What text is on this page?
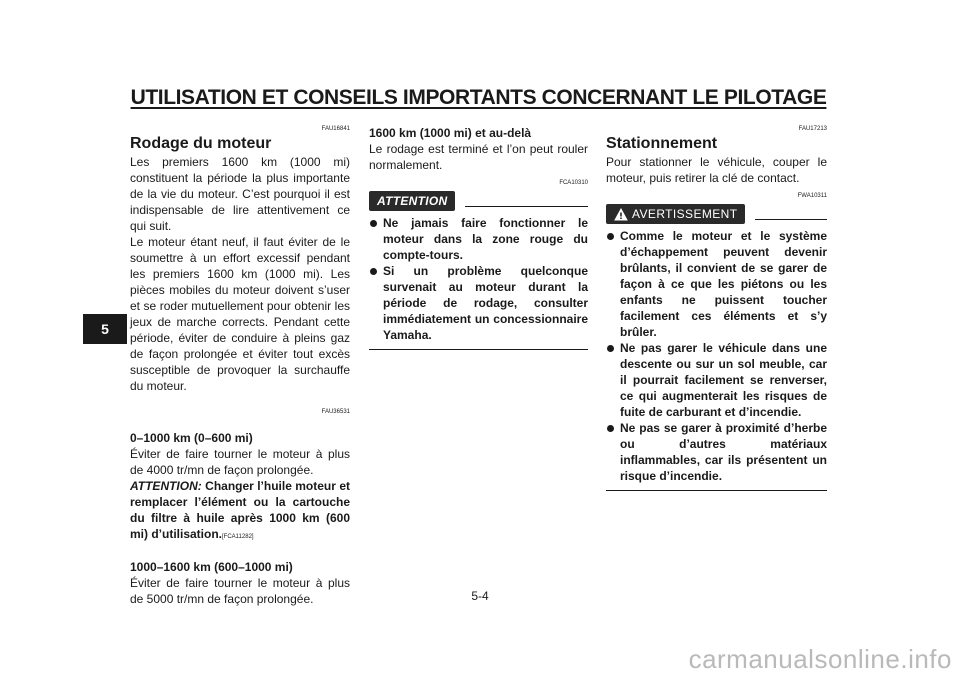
UTILISATION ET CONSEILS IMPORTANTS CONCERNANT LE PILOTAGE
5
FAU16841
Rodage du moteur

Les premiers 1600 km (1000 mi) constituent la période la plus importante de la vie du moteur. C’est pourquoi il est indispensable de lire attentivement ce qui suit.

Le moteur étant neuf, il faut éviter de le soumettre à un effort excessif pendant les premiers 1600 km (1000 mi). Les pièces mobiles du moteur doivent s’user et se roder mutuellement pour obtenir les jeux de marche corrects. Pendant cette période, éviter de conduire à pleins gaz de façon prolongée et éviter tout excès susceptible de provoquer la surchauffe du moteur.

FAU36531

0–1000 km (0–600 mi)

Éviter de faire tourner le moteur à plus de 4000 tr/mn de façon prolongée.
ATTENTION: Changer l’huile moteur et remplacer l’élément ou la cartouche du filtre à huile après 1000 km (600 mi) d’utilisation.[FCA11282]

1000–1600 km (600–1000 mi)

Éviter de faire tourner le moteur à plus de 5000 tr/mn de façon prolongée.

1600 km (1000 mi) et au-delà

Le rodage est terminé et l’on peut rouler normalement.

FCA10310
ATTENTION
Ne jamais faire fonctionner le moteur dans la zone rouge du compte-tours.
Si un problème quelconque survenait au moteur durant la période de rodage, consulter immédiatement un concessionnaire Yamaha.
FAU17213
Stationnement

Pour stationner le véhicule, couper le moteur, puis retirer la clé de contact.

FWA10311
AVERTISSEMENT
Comme le moteur et le système d’échappement peuvent devenir brûlants, il convient de se garer de façon à ce que les piétons ou les enfants ne puissent toucher facilement ces éléments et s’y brûler.
Ne pas garer le véhicule dans une descente ou sur un sol meuble, car il pourrait facilement se renverser, ce qui augmenterait les risques de fuite de carburant et d’incendie.
Ne pas se garer à proximité d’herbe ou d’autres matériaux inflammables, car ils présentent un risque d’incendie.
5-4
carmanualsonline.info
